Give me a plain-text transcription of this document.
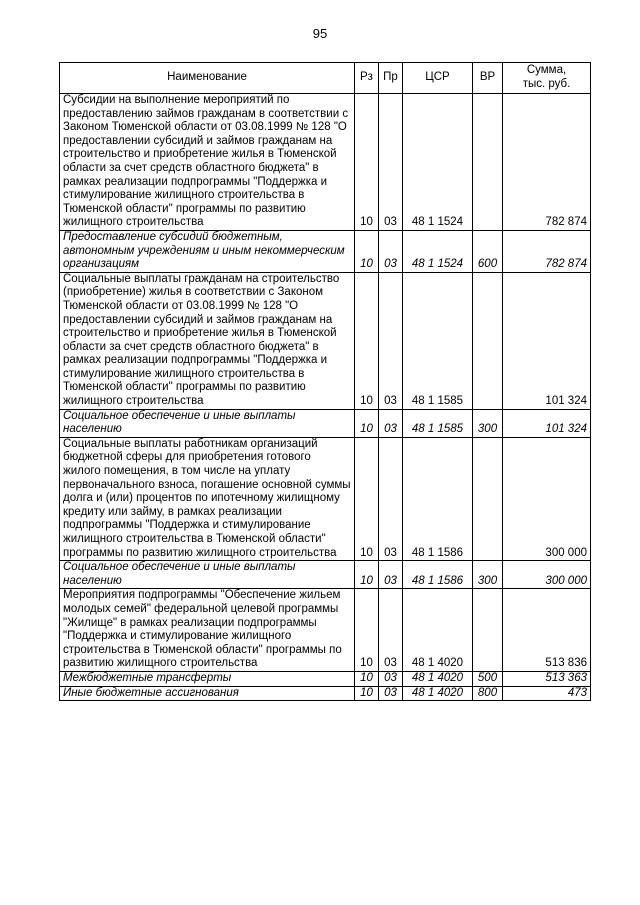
95
Наименование	Рз	Пр	ЦСР	ВР	Сумма,
тыс. руб.
Субсидии на выполнение мероприятий по предоставлению займов гражданам в соответствии с Законом Тюменской области от 03.08.1999 № 128 "О предоставлении субсидий и займов гражданам на строительство и приобретение жилья в Тюменской области за счет средств областного бюджета" в рамках реализации подпрограммы "Поддержка и стимулирование жилищного строительства в Тюменской области" программы по развитию жилищного строительства	10	03	48 1 1524		782 874
Предоставление субсидий бюджетным, автономным учреждениям и иным некоммерческим организациям	10	03	48 1 1524	600	782 874
Социальные выплаты гражданам на строительство (приобретение) жилья в соответствии с Законом Тюменской области от 03.08.1999 № 128 "О предоставлении субсидий и займов гражданам на строительство и приобретение жилья в Тюменской области за счет средств областного бюджета" в рамках реализации подпрограммы "Поддержка и стимулирование жилищного строительства в Тюменской области" программы по развитию жилищного строительства	10	03	48 1 1585		101 324
Социальное обеспечение и иные выплаты населению	10	03	48 1 1585	300	101 324
Социальные выплаты работникам организаций бюджетной сферы для приобретения готового жилого помещения, в том числе на уплату первоначального взноса, погашение основной суммы долга и (или) процентов по ипотечному жилищному кредиту или займу, в рамках реализации подпрограммы "Поддержка и стимулирование жилищного строительства в Тюменской области" программы по развитию жилищного строительства	10	03	48 1 1586		300 000
Социальное обеспечение и иные выплаты населению	10	03	48 1 1586	300	300 000
Мероприятия подпрограммы "Обеспечение жильем молодых семей" федеральной целевой программы "Жилище" в рамках реализации подпрограммы "Поддержка и стимулирование жилищного строительства в Тюменской области" программы по развитию жилищного строительства	10	03	48 1 4020		513 836
Межбюджетные трансферты	10	03	48 1 4020	500	513 363
Иные бюджетные ассигнования	10	03	48 1 4020	800	473
